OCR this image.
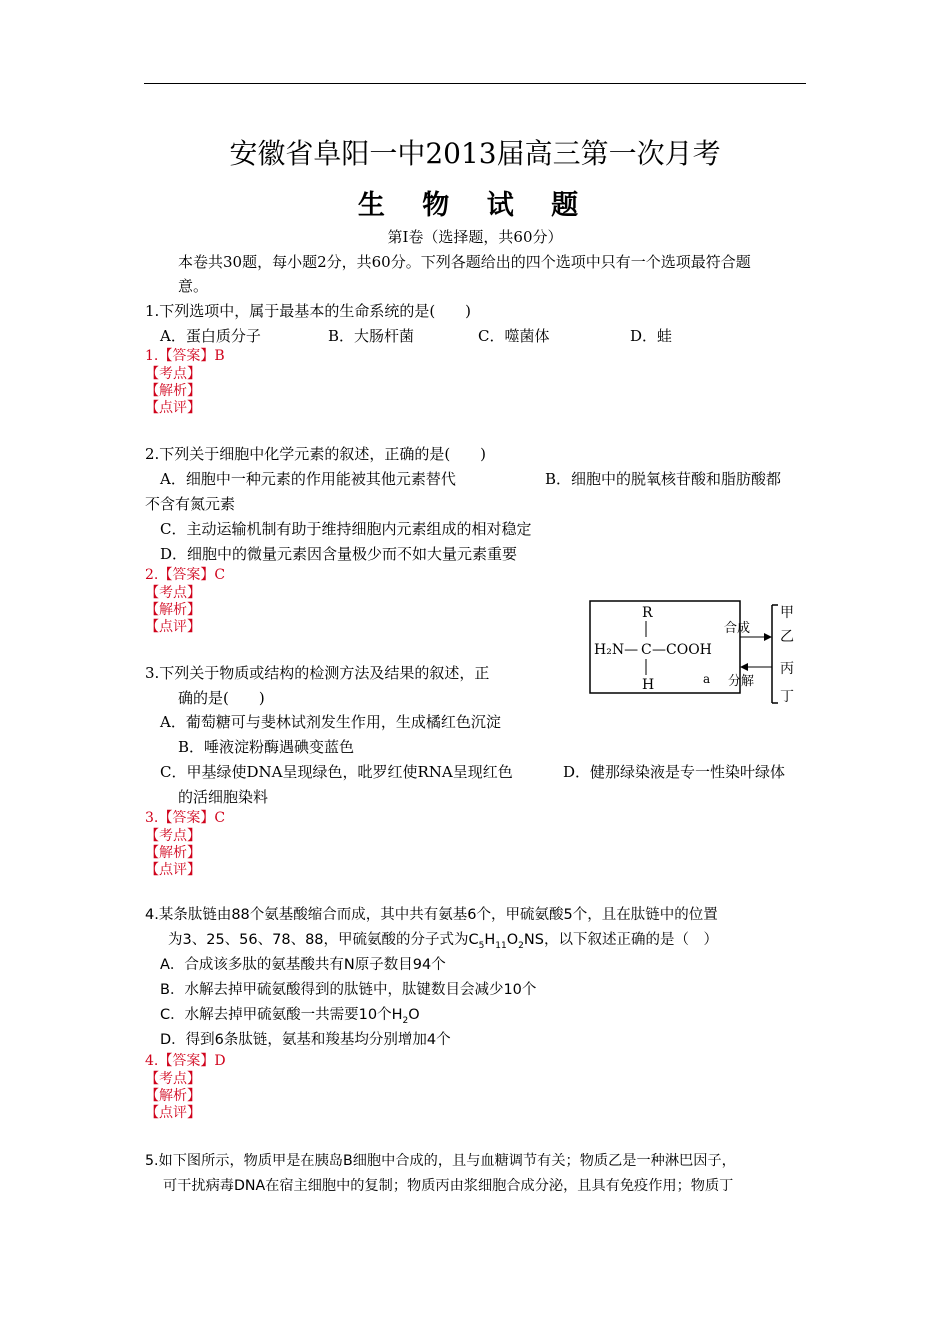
安徽省阜阳一中2013届高三第一次月考
生 物 试 题
第Ⅰ卷（选择题，共60分）
本卷共30题，每小题2分，共60分。下列各题给出的四个选项中只有一个选项最符合题
意。
1.下列选项中，属于最基本的生命系统的是(　　)
A．蛋白质分子	B．大肠杆菌	C．噬菌体	D．蛙
1.【答案】B
【考点】
【解析】
【点评】
2.下列关于细胞中化学元素的叙述，正确的是(　　)
A．细胞中一种元素的作用能被其他元素替代	B．细胞中的脱氧核苷酸和脂肪酸都
不含有氮元素
C．主动运输机制有助于维持细胞内元素组成的相对稳定
D．细胞中的微量元素因含量极少而不如大量元素重要
2.【答案】C
【考点】
【解析】
【点评】
R
H₂N— C —COOH
H	a
合成
分解
甲
乙
丙
丁
3.下列关于物质或结构的检测方法及结果的叙述，正
确的是(　　)
A．葡萄糖可与斐林试剂发生作用，生成橘红色沉淀
B．唾液淀粉酶遇碘变蓝色
C．甲基绿使DNA呈现绿色，吡罗红使RNA呈现红色	D．健那绿染液是专一性染叶绿体
的活细胞染料
3.【答案】C
【考点】
【解析】
【点评】
4.某条肽链由88个氨基酸缩合而成，其中共有氨基6个，甲硫氨酸5个，且在肽链中的位置
为3、25、56、78、88，甲硫氨酸的分子式为$C_5H_{11}O_2NS$，以下叙述正确的是（　）
A．合成该多肽的氨基酸共有N原子数目94个
B．水解去掉甲硫氨酸得到的肽链中，肽键数目会减少10个
C．水解去掉甲硫氨酸一共需要10个$H_2O$
D．得到6条肽链，氨基和羧基均分别增加4个
4.【答案】D
【考点】
【解析】
【点评】
5.如下图所示，物质甲是在胰岛B细胞中合成的，且与血糖调节有关；物质乙是一种淋巴因子，
可干扰病毒DNA在宿主细胞中的复制；物质丙由浆细胞合成分泌，且具有免疫作用；物质丁
